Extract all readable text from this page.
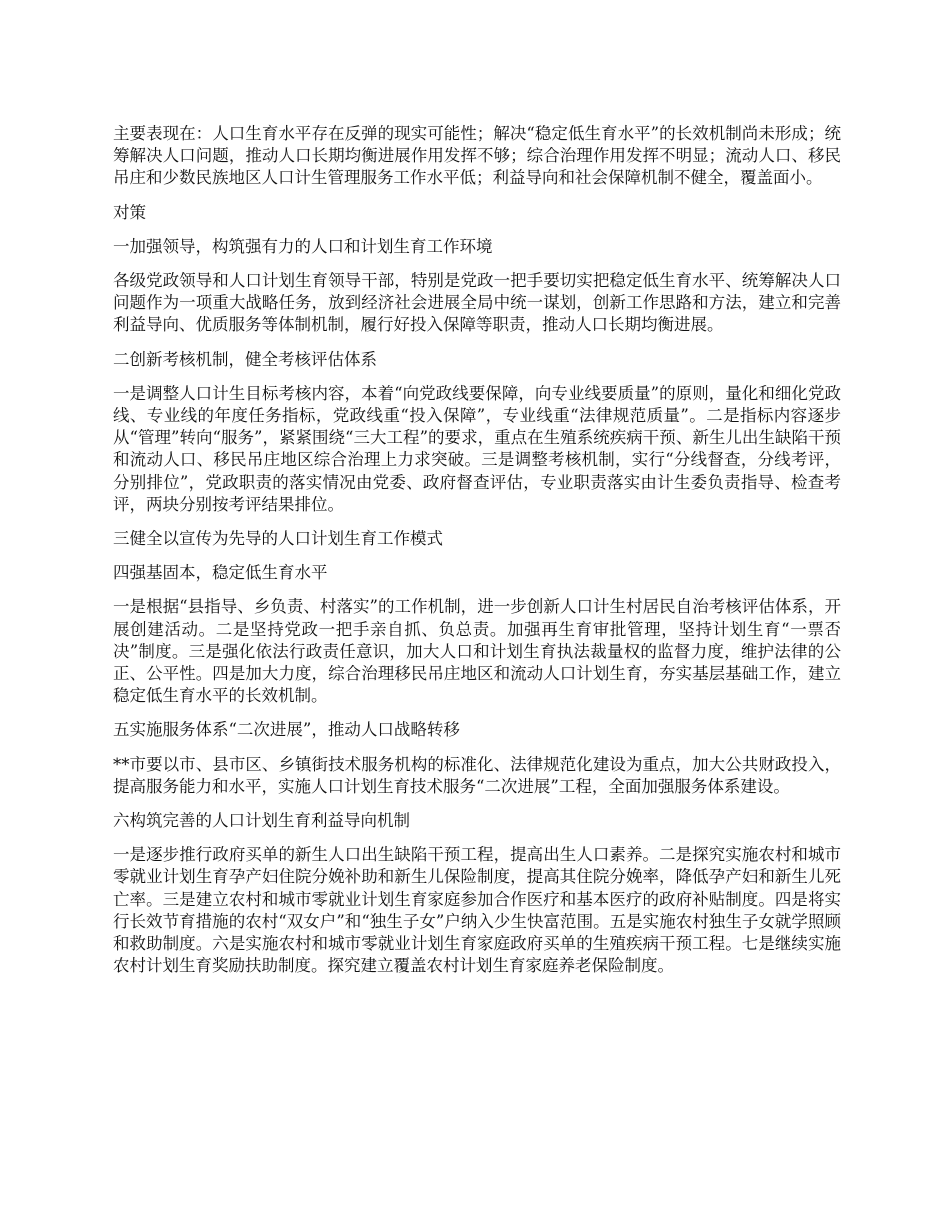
主要表现在：人口生育水平存在反弹的现实可能性；解决“稳定低生育水平”的长效机制尚未形成；统筹解决人口问题，推动人口长期均衡进展作用发挥不够；综合治理作用发挥不明显；流动人口、移民吊庄和少数民族地区人口计生管理服务工作水平低；利益导向和社会保障机制不健全，覆盖面小。

对策

一加强领导，构筑强有力的人口和计划生育工作环境

各级党政领导和人口计划生育领导干部，特别是党政一把手要切实把稳定低生育水平、统筹解决人口问题作为一项重大战略任务，放到经济社会进展全局中统一谋划，创新工作思路和方法，建立和完善利益导向、优质服务等体制机制，履行好投入保障等职责，推动人口长期均衡进展。

二创新考核机制，健全考核评估体系

一是调整人口计生目标考核内容，本着“向党政线要保障，向专业线要质量”的原则，量化和细化党政线、专业线的年度任务指标，党政线重“投入保障”，专业线重“法律规范质量”。二是指标内容逐步从“管理”转向“服务”，紧紧围绕“三大工程”的要求，重点在生殖系统疾病干预、新生儿出生缺陷干预和流动人口、移民吊庄地区综合治理上力求突破。三是调整考核机制，实行“分线督查，分线考评，分别排位”，党政职责的落实情况由党委、政府督查评估，专业职责落实由计生委负责指导、检查考评，两块分别按考评结果排位。

三健全以宣传为先导的人口计划生育工作模式

四强基固本，稳定低生育水平

一是根据“县指导、乡负责、村落实”的工作机制，进一步创新人口计生村居民自治考核评估体系，开展创建活动。二是坚持党政一把手亲自抓、负总责。加强再生育审批管理，坚持计划生育“一票否决”制度。三是强化依法行政责任意识，加大人口和计划生育执法裁量权的监督力度，维护法律的公正、公平性。四是加大力度，综合治理移民吊庄地区和流动人口计划生育，夯实基层基础工作，建立稳定低生育水平的长效机制。

五实施服务体系“二次进展”，推动人口战略转移

**市要以市、县市区、乡镇街技术服务机构的标准化、法律规范化建设为重点，加大公共财政投入，提高服务能力和水平，实施人口计划生育技术服务“二次进展”工程，全面加强服务体系建设。

六构筑完善的人口计划生育利益导向机制

一是逐步推行政府买单的新生人口出生缺陷干预工程，提高出生人口素养。二是探究实施农村和城市零就业计划生育孕产妇住院分娩补助和新生儿保险制度，提高其住院分娩率，降低孕产妇和新生儿死亡率。三是建立农村和城市零就业计划生育家庭参加合作医疗和基本医疗的政府补贴制度。四是将实行长效节育措施的农村“双女户”和“独生子女”户纳入少生快富范围。五是实施农村独生子女就学照顾和救助制度。六是实施农村和城市零就业计划生育家庭政府买单的生殖疾病干预工程。七是继续实施农村计划生育奖励扶助制度。探究建立覆盖农村计划生育家庭养老保险制度。
